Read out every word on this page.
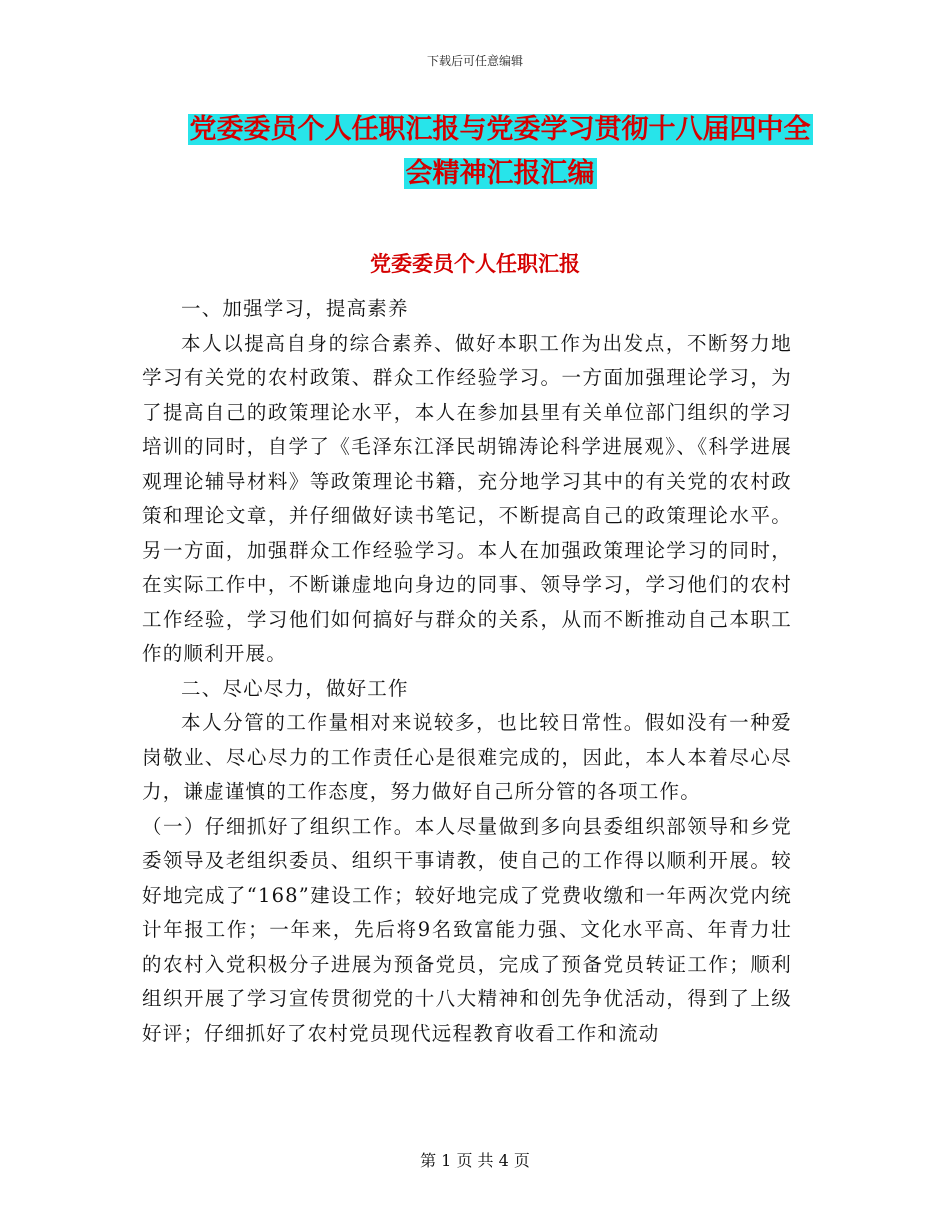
下载后可任意编辑
党委委员个人任职汇报与党委学习贯彻十八届四中全
会精神汇报汇编
党委委员个人任职汇报

一、加强学习，提高素养

本人以提高自身的综合素养、做好本职工作为出发点，不断努力地学习有关党的农村政策、群众工作经验学习。一方面加强理论学习，为了提高自己的政策理论水平，本人在参加县里有关单位部门组织的学习培训的同时，自学了《毛泽东江泽民胡锦涛论科学进展观》、《科学进展观理论辅导材料》等政策理论书籍，充分地学习其中的有关党的农村政策和理论文章，并仔细做好读书笔记，不断提高自己的政策理论水平。另一方面，加强群众工作经验学习。本人在加强政策理论学习的同时，在实际工作中，不断谦虚地向身边的同事、领导学习，学习他们的农村工作经验，学习他们如何搞好与群众的关系，从而不断推动自己本职工作的顺利开展。

二、尽心尽力，做好工作

本人分管的工作量相对来说较多，也比较日常性。假如没有一种爱岗敬业、尽心尽力的工作责任心是很难完成的，因此，本人本着尽心尽力，谦虚谨慎的工作态度，努力做好自己所分管的各项工作。

（一）仔细抓好了组织工作。本人尽量做到多向县委组织部领导和乡党委领导及老组织委员、组织干事请教，使自己的工作得以顺利开展。较好地完成了“168”建设工作；较好地完成了党费收缴和一年两次党内统计年报工作；一年来，先后将9名致富能力强、文化水平高、年青力壮的农村入党积极分子进展为预备党员，完成了预备党员转证工作；顺利组织开展了学习宣传贯彻党的十八大精神和创先争优活动，得到了上级好评；仔细抓好了农村党员现代远程教育收看工作和流动

第 1 页 共 4 页
